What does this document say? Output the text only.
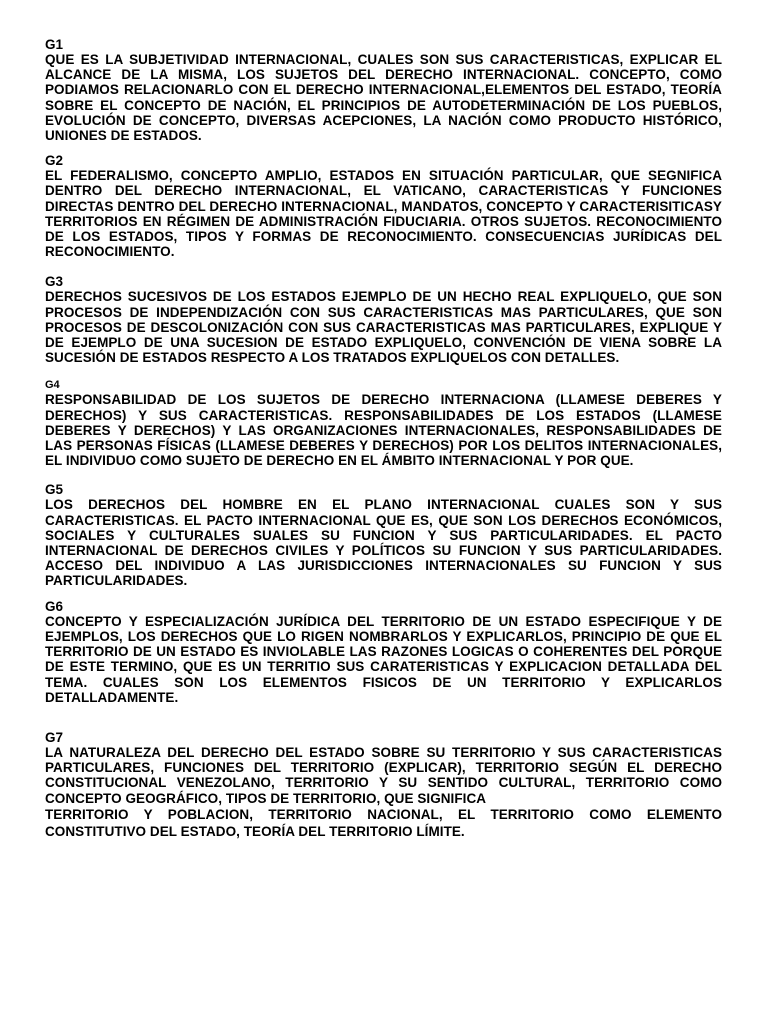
G1

QUE ES LA SUBJETIVIDAD INTERNACIONAL, CUALES SON SUS CARACTERISTICAS, EXPLICAR EL ALCANCE DE LA MISMA, LOS SUJETOS DEL DERECHO INTERNACIONAL. CONCEPTO, COMO PODIAMOS RELACIONARLO CON EL DERECHO INTERNACIONAL,ELEMENTOS DEL ESTADO, TEORÍA SOBRE EL CONCEPTO DE NACIÓN, EL PRINCIPIOS DE AUTODETERMINACIÓN DE LOS PUEBLOS, EVOLUCIÓN DE CONCEPTO, DIVERSAS ACEPCIONES, LA NACIÓN COMO PRODUCTO HISTÓRICO, UNIONES DE ESTADOS.

G2

EL FEDERALISMO, CONCEPTO AMPLIO, ESTADOS EN SITUACIÓN PARTICULAR, QUE SEGNIFICA DENTRO DEL DERECHO INTERNACIONAL, EL VATICANO, CARACTERISTICAS Y FUNCIONES DIRECTAS DENTRO DEL DERECHO INTERNACIONAL, MANDATOS, CONCEPTO Y CARACTERISITICASY TERRITORIOS EN RÉGIMEN DE ADMINISTRACIÓN FIDUCIARIA. OTROS SUJETOS. RECONOCIMIENTO DE LOS ESTADOS, TIPOS Y FORMAS DE RECONOCIMIENTO. CONSECUENCIAS JURÍDICAS DEL RECONOCIMIENTO.

G3

DERECHOS SUCESIVOS DE LOS ESTADOS EJEMPLO DE UN HECHO REAL EXPLIQUELO, QUE SON PROCESOS DE INDEPENDIZACIÓN CON SUS CARACTERISTICAS MAS PARTICULARES, QUE SON PROCESOS DE DESCOLONIZACIÓN CON SUS CARACTERISTICAS MAS PARTICULARES, EXPLIQUE Y DE EJEMPLO DE UNA SUCESION DE ESTADO EXPLIQUELO, CONVENCIÓN DE VIENA SOBRE LA SUCESIÓN DE ESTADOS RESPECTO A LOS TRATADOS EXPLIQUELOS CON DETALLES.

G4

RESPONSABILIDAD DE LOS SUJETOS DE DERECHO INTERNACIONA (LLAMESE DEBERES Y DERECHOS) Y SUS CARACTERISTICAS. RESPONSABILIDADES DE LOS ESTADOS (LLAMESE DEBERES Y DERECHOS) Y LAS ORGANIZACIONES INTERNACIONALES, RESPONSABILIDADES DE LAS PERSONAS FÍSICAS (LLAMESE DEBERES Y DERECHOS) POR LOS DELITOS INTERNACIONALES, EL INDIVIDUO COMO SUJETO DE DERECHO EN EL ÁMBITO INTERNACIONAL Y POR QUE.

G5

LOS DERECHOS DEL HOMBRE EN EL PLANO INTERNACIONAL CUALES SON Y SUS CARACTERISTICAS. EL PACTO INTERNACIONAL QUE ES, QUE SON LOS DERECHOS ECONÓMICOS, SOCIALES Y CULTURALES SUALES SU FUNCION Y SUS PARTICULARIDADES. EL PACTO INTERNACIONAL DE DERECHOS CIVILES Y POLÍTICOS SU FUNCION Y SUS PARTICULARIDADES. ACCESO DEL INDIVIDUO A LAS JURISDICCIONES INTERNACIONALES SU FUNCION Y SUS PARTICULARIDADES.

G6

CONCEPTO Y ESPECIALIZACIÓN JURÍDICA DEL TERRITORIO DE UN ESTADO ESPECIFIQUE Y DE EJEMPLOS, LOS DERECHOS QUE LO RIGEN NOMBRARLOS Y EXPLICARLOS, PRINCIPIO DE QUE EL TERRITORIO DE UN ESTADO ES INVIOLABLE LAS RAZONES LOGICAS O COHERENTES DEL PORQUE DE ESTE TERMINO, QUE ES UN TERRITIO SUS CARATERISTICAS Y EXPLICACION DETALLADA DEL TEMA. CUALES SON LOS ELEMENTOS FISICOS DE UN TERRITORIO Y EXPLICARLOS DETALLADAMENTE.

G7

LA NATURALEZA DEL DERECHO DEL ESTADO SOBRE SU TERRITORIO Y SUS CARACTERISTICAS PARTICULARES, FUNCIONES DEL TERRITORIO (EXPLICAR), TERRITORIO SEGÚN EL DERECHO CONSTITUCIONAL VENEZOLANO, TERRITORIO Y SU SENTIDO CULTURAL, TERRITORIO COMO CONCEPTO GEOGRÁFICO, TIPOS DE TERRITORIO, QUE SIGNIFICA

TERRITORIO Y POBLACION, TERRITORIO NACIONAL, EL TERRITORIO COMO ELEMENTO CONSTITUTIVO DEL ESTADO, TEORÍA DEL TERRITORIO LÍMITE.
